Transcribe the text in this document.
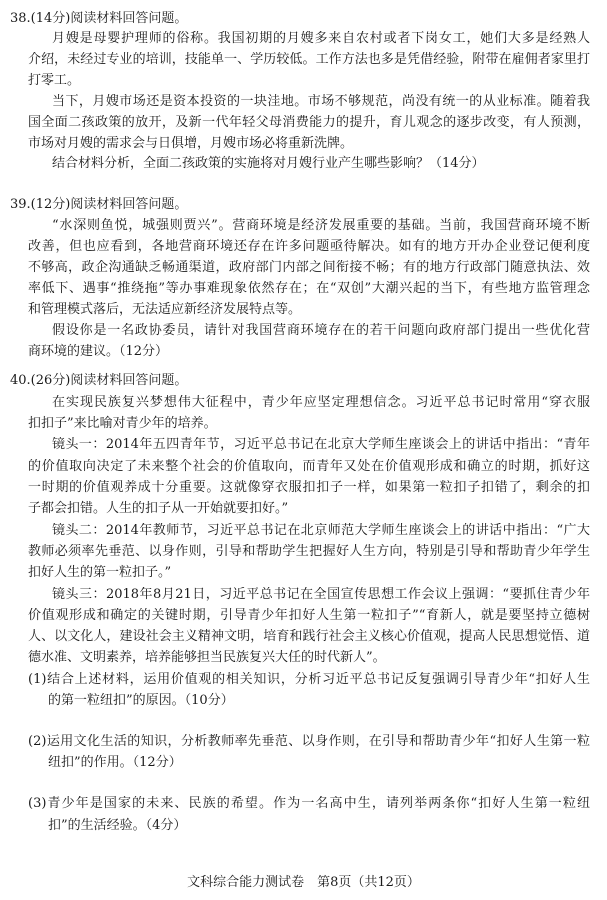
38.(14分)阅读材料回答问题。
月嫂是母婴护理师的俗称。我国初期的月嫂多来自农村或者下岗女工，她们大多是经熟人
介绍，未经过专业的培训，技能单一、学历较低。工作方法也多是凭借经验，附带在雇佣者家里打
打零工。
当下，月嫂市场还是资本投资的一块洼地。市场不够规范，尚没有统一的从业标准。随着我
国全面二孩政策的放开，及新一代年轻父母消费能力的提升，育儿观念的逐步改变，有人预测，
市场对月嫂的需求会与日俱增，月嫂市场必将重新洗牌。
结合材料分析，全面二孩政策的实施将对月嫂行业产生哪些影响？（14分）
39.(12分)阅读材料回答问题。
“水深则鱼悦，城强则贾兴”。营商环境是经济发展重要的基础。当前，我国营商环境不断
改善，但也应看到，各地营商环境还存在许多问题亟待解决。如有的地方开办企业登记便利度
不够高，政企沟通缺乏畅通渠道，政府部门内部之间衔接不畅；有的地方行政部门随意执法、效
率低下、遇事“推绕拖”等办事难现象依然存在；在“双创”大潮兴起的当下，有些地方监管理念
和管理模式落后，无法适应新经济发展特点等。
假设你是一名政协委员，请针对我国营商环境存在的若干问题向政府部门提出一些优化营
商环境的建议。（12分）
40.(26分)阅读材料回答问题。
在实现民族复兴梦想伟大征程中，青少年应坚定理想信念。习近平总书记时常用“穿衣服
扣扣子”来比喻对青少年的培养。
镜头一：2014年五四青年节，习近平总书记在北京大学师生座谈会上的讲话中指出：“青年
的价值取向决定了未来整个社会的价值取向，而青年又处在价值观形成和确立的时期，抓好这
一时期的价值观养成十分重要。这就像穿衣服扣扣子一样，如果第一粒扣子扣错了，剩余的扣
子都会扣错。人生的扣子从一开始就要扣好。”
镜头二：2014年教师节，习近平总书记在北京师范大学师生座谈会上的讲话中指出：“广大
教师必须率先垂范、以身作则，引导和帮助学生把握好人生方向，特别是引导和帮助青少年学生
扣好人生的第一粒扣子。”
镜头三：2018年8月21日，习近平总书记在全国宣传思想工作会议上强调：“要抓住青少年
价值观形成和确定的关键时期，引导青少年扣好人生第一粒扣子”“育新人，就是要坚持立德树
人、以文化人，建设社会主义精神文明，培育和践行社会主义核心价值观，提高人民思想觉悟、道
德水准、文明素养，培养能够担当民族复兴大任的时代新人”。
(1)结合上述材料，运用价值观的相关知识，分析习近平总书记反复强调引导青少年“扣好人生
的第一粒纽扣”的原因。（10分）
(2)运用文化生活的知识，分析教师率先垂范、以身作则，在引导和帮助青少年“扣好人生第一粒
纽扣”的作用。（12分）
(3)青少年是国家的未来、民族的希望。作为一名高中生，请列举两条你“扣好人生第一粒纽
扣”的生活经验。（4分）
文科综合能力测试卷　第8页（共12页）
